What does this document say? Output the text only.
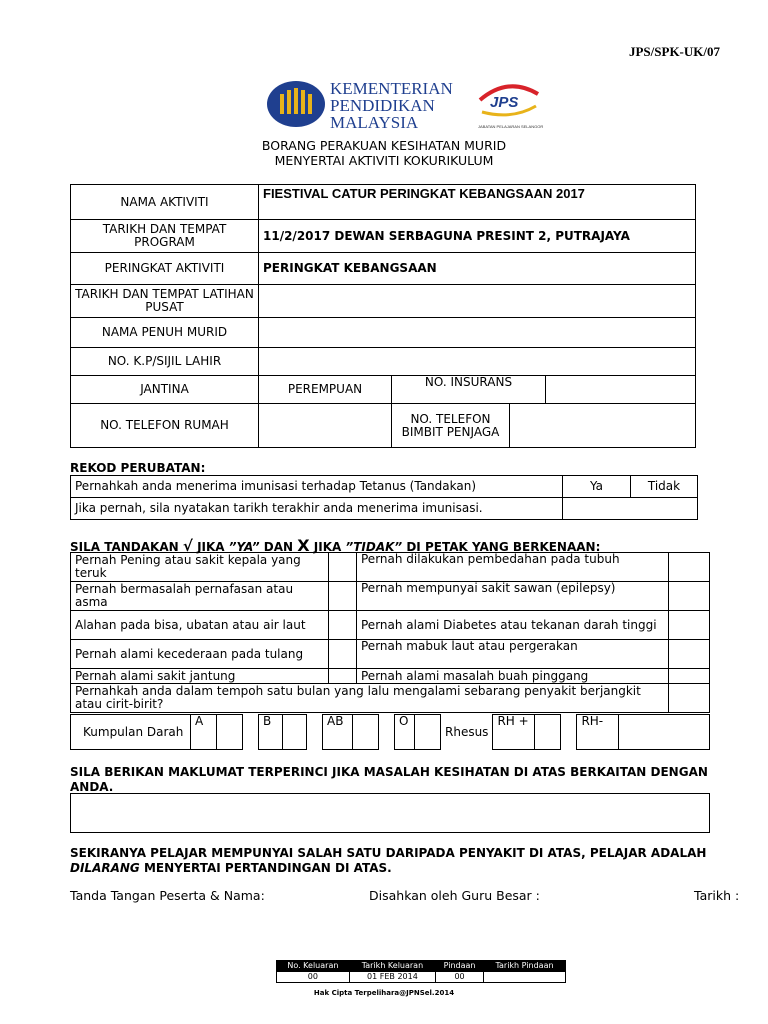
JPS/SPK-UK/07
KEMENTERIAN
PENDIDIKAN
MALAYSIA
JPS
JABATAN PELAJARAN SELANGOR
BORANG PERAKUAN KESIHATAN MURID
MENYERTAI AKTIVITI KOKURIKULUM
NAMA AKTIVITI	FIESTIVAL CATUR PERINGKAT KEBANGSAAN 2017			
TARIKH DAN TEMPAT PROGRAM	11/2/2017 DEWAN SERBAGUNA PRESINT 2, PUTRAJAYA			
PERINGKAT AKTIVITI	PERINGKAT KEBANGSAAN			
TARIKH DAN TEMPAT LATIHAN PUSAT				
NAMA PENUH MURID				
NO. K.P/SIJIL LAHIR				
JANTINA	PEREMPUAN	NO. INSURANS		
NO. TELEFON RUMAH		NO. TELEFON BIMBIT PENJAGA		
REKOD PERUBATAN:
Pernahkah anda menerima imunisasi terhadap Tetanus (Tandakan)	Ya	Tidak
Jika pernah, sila nyatakan tarikh terakhir anda menerima imunisasi.		
SILA TANDAKAN √ JIKA ”YA” DAN X JIKA ”TIDAK” DI PETAK YANG BERKENAAN:
Pernah Pening atau sakit kepala yang teruk		Pernah dilakukan pembedahan pada tubuh	
Pernah bermasalah pernafasan atau asma		Pernah mempunyai sakit sawan (epilepsy)	
Alahan pada bisa, ubatan atau air laut		Pernah alami Diabetes atau tekanan darah tinggi	
Pernah alami kecederaan pada tulang		Pernah mabuk laut atau pergerakan	
Pernah alami sakit jantung		Pernah alami masalah buah pinggang	
Pernahkah anda dalam tempoh satu bulan yang lalu mengalami sebarang penyakit berjangkit atau cirit-birit?			
Kumpulan Darah	A			B			AB			O		Rhesus	RH +			RH-	
SILA BERIKAN MAKLUMAT TERPERINCI JIKA MASALAH KESIHATAN DI ATAS BERKAITAN DENGAN ANDA.
SEKIRANYA PELAJAR MEMPUNYAI SALAH SATU DARIPADA PENYAKIT DI ATAS, PELAJAR ADALAH DILARANG MENYERTAI PERTANDINGAN DI ATAS.
Tanda Tangan Peserta & Nama:	Disahkan oleh Guru Besar :	Tarikh :
No. Keluaran	Tarikh Keluaran	Pindaan	Tarikh Pindaan
00	01 FEB 2014	00	
Hak Cipta Terpelihara@JPNSel.2014
